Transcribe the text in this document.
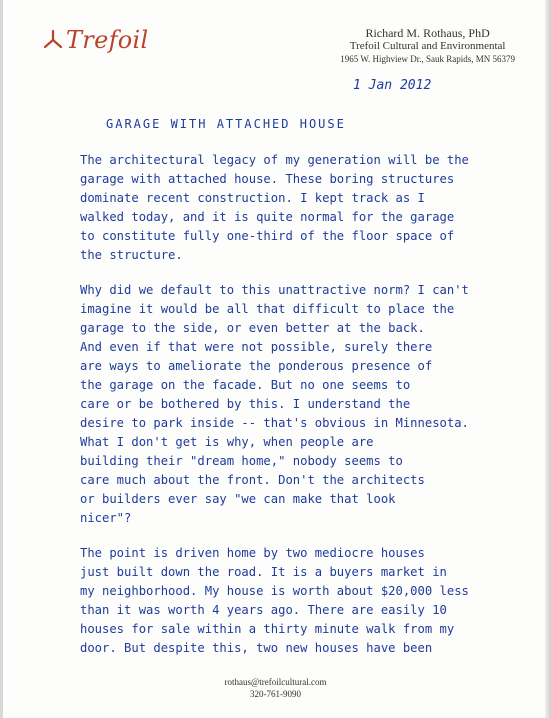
Trefoil	Richard M. Rothaus, PhD
Trefoil Cultural and Environmental
1965 W. Highview Dr., Sauk Rapids, MN 56379
1 Jan 2012
GARAGE WITH ATTACHED HOUSE
The architectural legacy of my generation will be the
garage with attached house. These boring structures
dominate recent construction. I kept track as I
walked today, and it is quite normal for the garage
to constitute fully one-third of the floor space of
the structure.
Why did we default to this unattractive norm? I can't
imagine it would be all that difficult to place the
garage to the side, or even better at the back.
And even if that were not possible, surely there
are ways to ameliorate the ponderous presence of
the garage on the facade. But no one seems to
care or be bothered by this. I understand the
desire to park inside -- that's obvious in Minnesota.
What I don't get is why, when people are
building their "dream home," nobody seems to
care much about the front. Don't the architects
or builders ever say "we can make that look
nicer"?
The point is driven home by two mediocre houses
just built down the road. It is a buyers market in
my neighborhood. My house is worth about $20,000 less
than it was worth 4 years ago. There are easily 10
houses for sale within a thirty minute walk from my
door. But despite this, two new houses have been
rothaus@trefoilcultural.com
320-761-9090
